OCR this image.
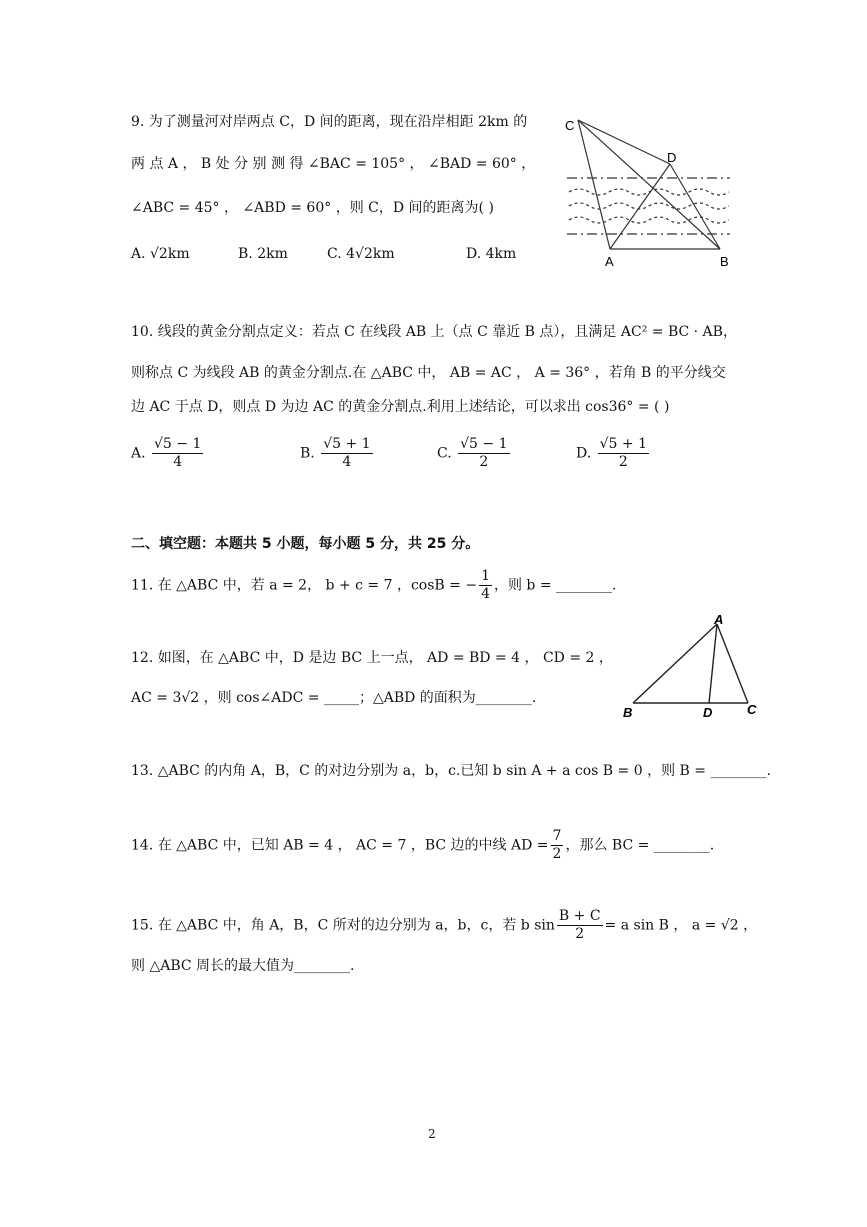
9. 为了测量河对岸两点 C，D 间的距离，现在沿岸相距 2km 的
两 点 A ， B 处 分 别 测 得 ∠BAC = 105° ， ∠BAD = 60° ，
∠ABC = 45° ， ∠ABD = 60° ，则 C，D 间的距离为( )
A. √2km	B. 2km	C. 4√2km	D. 4km
C
D
A	B
10. 线段的黄金分割点定义：若点 C 在线段 AB 上（点 C 靠近 B 点），且满足 AC² = BC · AB，
则称点 C 为线段 AB 的黄金分割点.在 △ABC 中， AB = AC ， A = 36° ，若角 B 的平分线交
边 AC 于点 D，则点 D 为边 AC 的黄金分割点.利用上述结论，可以求出 cos36° = ( )
A. $\frac{√5 - 1}{4}$	B. $\frac{√5 + 1}{4}$	C. $\frac{√5 - 1}{2}$	D. $\frac{√5 + 1}{2}$
二、填空题：本题共 5 小题，每小题 5 分，共 25 分。
11. 在 △ABC 中，若 a = 2， b + c = 7 ，cosB = − $\frac{1}{4}$ ，则 b = ________.
12. 如图，在 △ABC 中，D 是边 BC 上一点， AD = BD = 4 ， CD = 2 ，
AC = 3√2 ，则 cos∠ADC = _____；△ABD 的面积为________.
A
B	D	C
13. △ABC 的内角 A，B，C 的对边分别为 a，b，c.已知 b sin A + a cos B = 0 ，则 B = ________.
14. 在 △ABC 中，已知 AB = 4 ， AC = 7 ，BC 边的中线 AD = $\frac{7}{2}$ ，那么 BC = ________.
15. 在 △ABC 中，角 A，B，C 所对的边分别为 a，b，c，若 b $\sin \frac{B + C}{2} = a$ sin B ， a = √2 ，
则 △ABC 周长的最大值为________.
2
